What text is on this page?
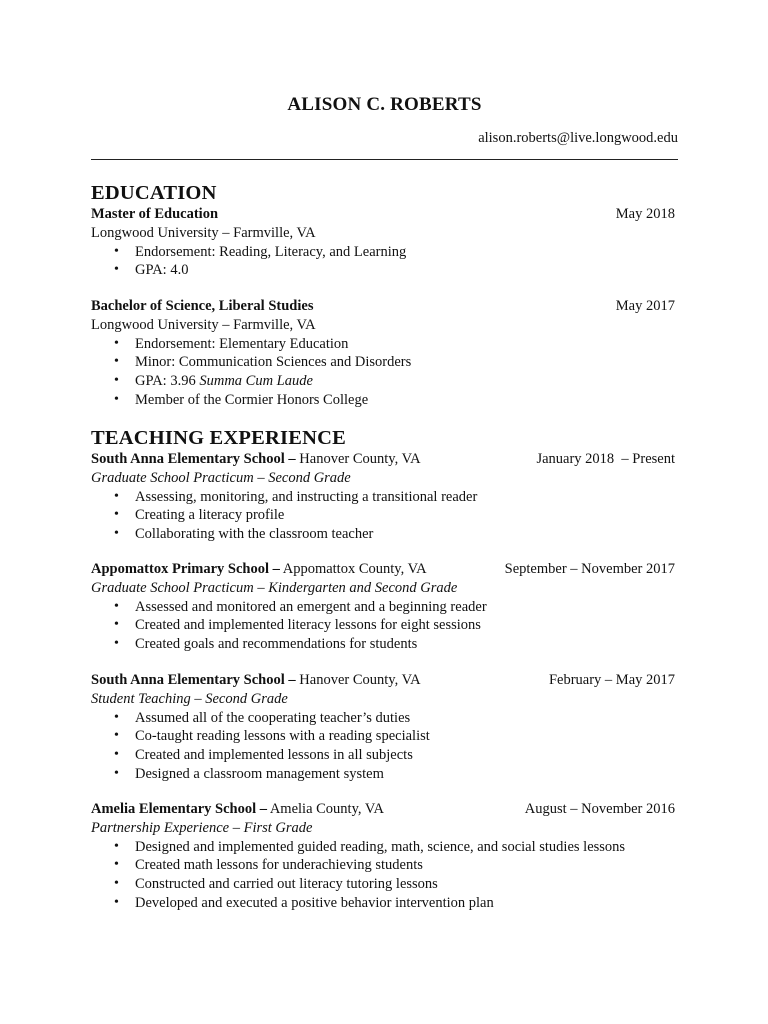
ALISON C. ROBERTS
alison.roberts@live.longwood.edu
EDUCATION
Master of Education	May 2018
Longwood University – Farmville, VA
• Endorsement: Reading, Literacy, and Learning
• GPA: 4.0
Bachelor of Science, Liberal Studies	May 2017
Longwood University – Farmville, VA
• Endorsement: Elementary Education
• Minor: Communication Sciences and Disorders
• GPA: 3.96 Summa Cum Laude
• Member of the Cormier Honors College
TEACHING EXPERIENCE
South Anna Elementary School – Hanover County, VA	January 2018  – Present
Graduate School Practicum – Second Grade
• Assessing, monitoring, and instructing a transitional reader
• Creating a literacy profile
• Collaborating with the classroom teacher
Appomattox Primary School – Appomattox County, VA	September – November 2017
Graduate School Practicum – Kindergarten and Second Grade
• Assessed and monitored an emergent and a beginning reader
• Created and implemented literacy lessons for eight sessions
• Created goals and recommendations for students
South Anna Elementary School – Hanover County, VA	February – May 2017
Student Teaching – Second Grade
• Assumed all of the cooperating teacher’s duties
• Co-taught reading lessons with a reading specialist
• Created and implemented lessons in all subjects
• Designed a classroom management system
Amelia Elementary School – Amelia County, VA	August – November 2016
Partnership Experience – First Grade
• Designed and implemented guided reading, math, science, and social studies lessons
• Created math lessons for underachieving students
• Constructed and carried out literacy tutoring lessons
• Developed and executed a positive behavior intervention plan
